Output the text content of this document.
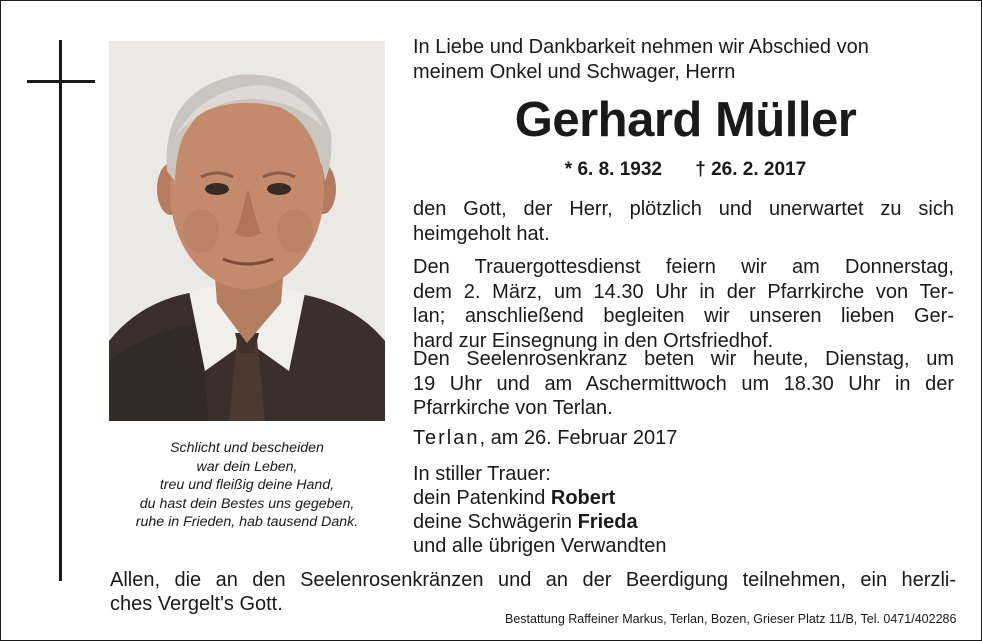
Schlicht und bescheiden
war dein Leben,
treu und fleißig deine Hand,
du hast dein Bestes uns gegeben,
ruhe in Frieden, hab tausend Dank.
In Liebe und Dankbarkeit nehmen wir Abschied von
meinem Onkel und Schwager, Herrn
Gerhard Müller
* 6. 8. 1932 † 26. 2. 2017
den Gott, der Herr, plötzlich und unerwartet zu sich
heimgeholt hat.
Den Trauergottesdienst feiern wir am Donnerstag,
dem 2. März, um 14.30 Uhr in der Pfarrkirche von Ter-
lan; anschließend begleiten wir unseren lieben Ger-
hard zur Einsegnung in den Ortsfriedhof.
Den Seelenrosenkranz beten wir heute, Dienstag, um
19 Uhr und am Aschermittwoch um 18.30 Uhr in der
Pfarrkirche von Terlan.
Terlan, am 26. Februar 2017
In stiller Trauer:
dein Patenkind Robert
deine Schwägerin Frieda
und alle übrigen Verwandten
Allen, die an den Seelenrosenkränzen und an der Beerdigung teilnehmen, ein herzli-
ches Vergelt's Gott.
Bestattung Raffeiner Markus, Terlan, Bozen, Grieser Platz 11/B, Tel. 0471/402286
